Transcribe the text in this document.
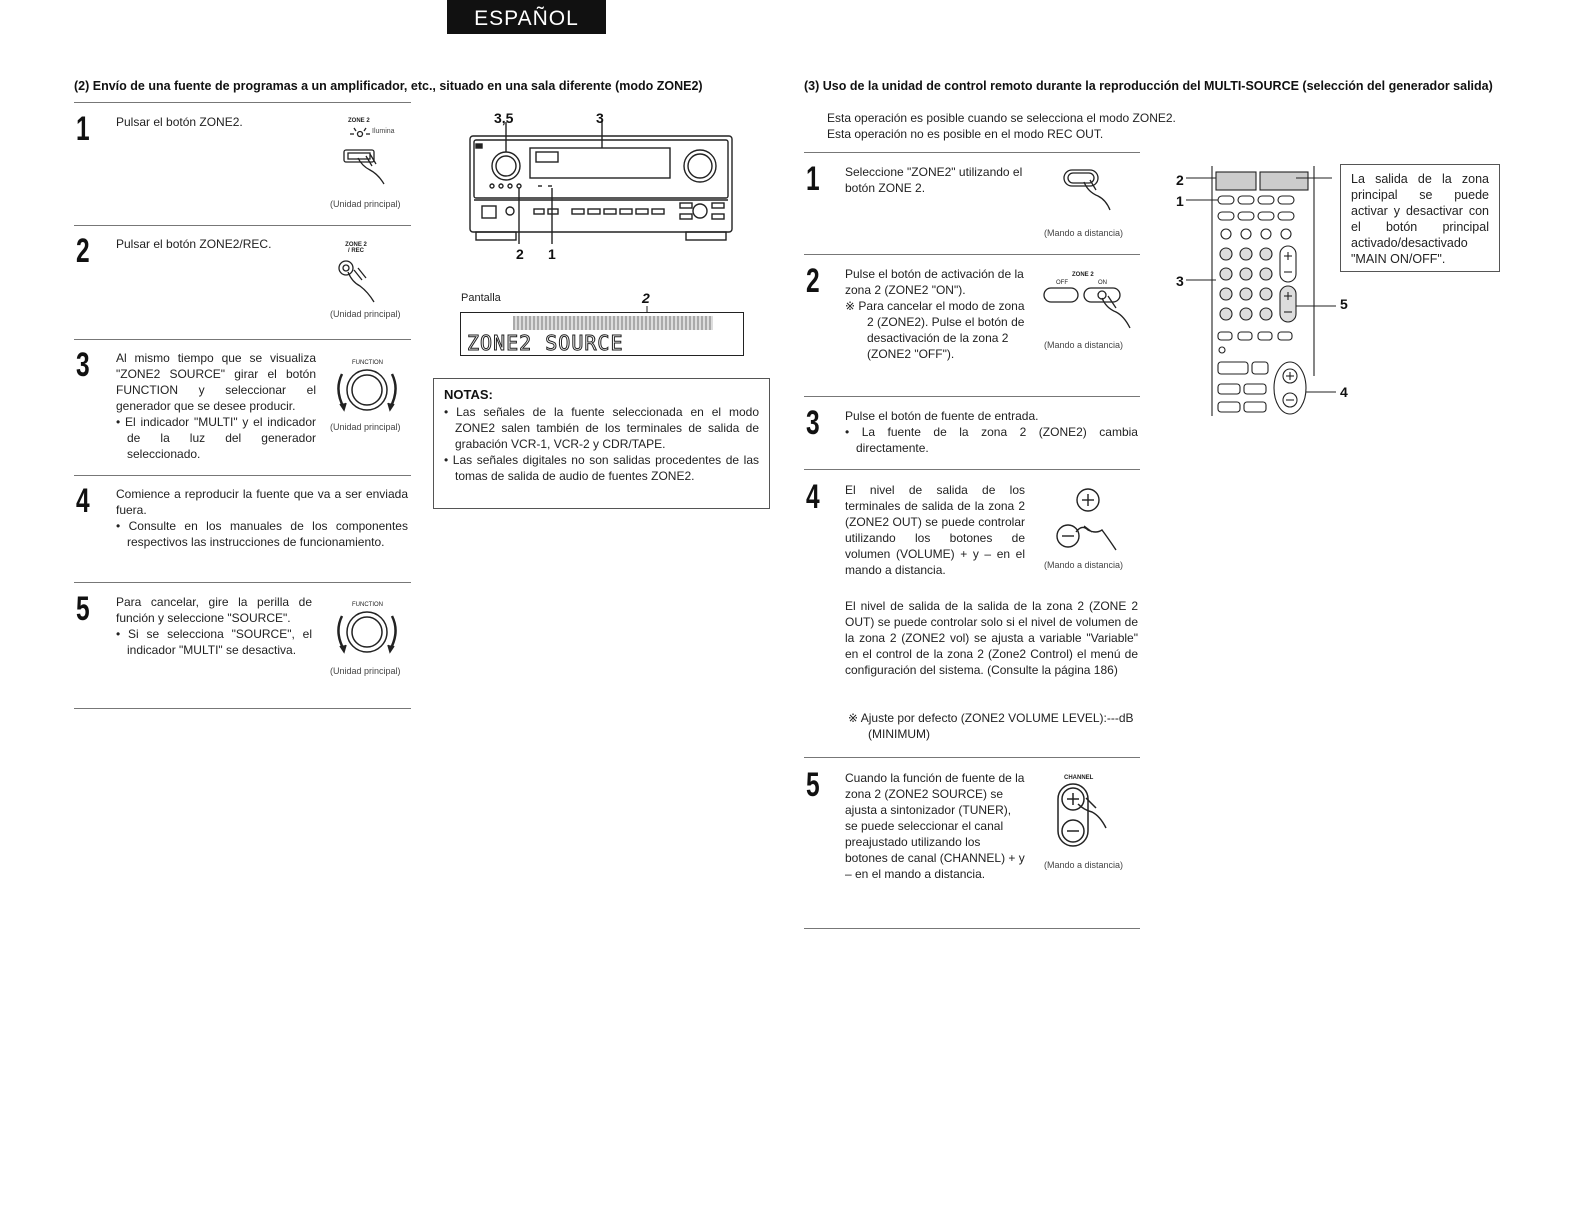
ESPAÑOL
(2) Envío de una fuente de programas a un amplificador, etc., situado en una sala diferente (modo ZONE2)
1 Pulsar el botón ZONE2.	ZONE 2
Ilumina
(Unidad principal)
2 Pulsar el botón ZONE2/REC.	ZONE 2 / REC
(Unidad principal)
3 Al mismo tiempo que se visualiza "ZONE2 SOURCE" girar el botón FUNCTION y seleccionar el generador que se desee producir.
• El indicador "MULTI" y el indicador de la luz del generador seleccionado.
FUNCTION
(Unidad principal)
4 Comience a reproducir la fuente que va a ser enviada fuera.
• Consulte en los manuales de los componentes respectivos las instrucciones de funcionamiento.
5 Para cancelar, gire la perilla de función y seleccione "SOURCE".
• Si se selecciona "SOURCE", el indicador "MULTI" se desactiva.
FUNCTION
(Unidad principal)
3,5	3
2 1
Pantalla	2
ZONE2 SOURCE
NOTAS:
• Las señales de la fuente seleccionada en el modo ZONE2 salen también de los terminales de salida de grabación VCR-1, VCR-2 y CDR/TAPE.
• Las señales digitales no son salidas procedentes de las tomas de salida de audio de fuentes ZONE2.
(3) Uso de la unidad de control remoto durante la reproducción del MULTI-SOURCE (selección del generador salida)
Esta operación es posible cuando se selecciona el modo ZONE2.
Esta operación no es posible en el modo REC OUT.
1 Seleccione "ZONE2" utilizando el botón ZONE 2.
(Mando a distancia)
2 Pulse el botón de activación de la zona 2 (ZONE2 "ON").
※ Para cancelar el modo de zona 2 (ZONE2). Pulse el botón de desactivación de la zona 2 (ZONE2 "OFF").
ZONE 2
OFF	ON
(Mando a distancia)
3 Pulse el botón de fuente de entrada.
• La fuente de la zona 2 (ZONE2) cambia directamente.
4 El nivel de salida de los terminales de salida de la zona 2 (ZONE2 OUT) se puede controlar utilizando los botones de volumen (VOLUME) + y – en el mando a distancia.	(Mando a distancia)
El nivel de salida de la salida de la zona 2 (ZONE 2 OUT) se puede controlar solo si el nivel de volumen de la zona 2 (ZONE2 vol) se ajusta a variable "Variable" en el control de la zona 2 (Zone2 Control) el menú de configuración del sistema. (Consulte la página 186)
※ Ajuste por defecto (ZONE2 VOLUME LEVEL):---dB (MINIMUM)
5 Cuando la función de fuente de la zona 2 (ZONE2 SOURCE) se ajusta a sintonizador (TUNER), se puede seleccionar el canal preajustado utilizando los botones de canal (CHANNEL) + y – en el mando a distancia.
CHANNEL
(Mando a distancia)
2
1
3
5
4
La salida de la zona principal se puede activar y desactivar con el botón principal activado/desactivado "MAIN ON/OFF".
